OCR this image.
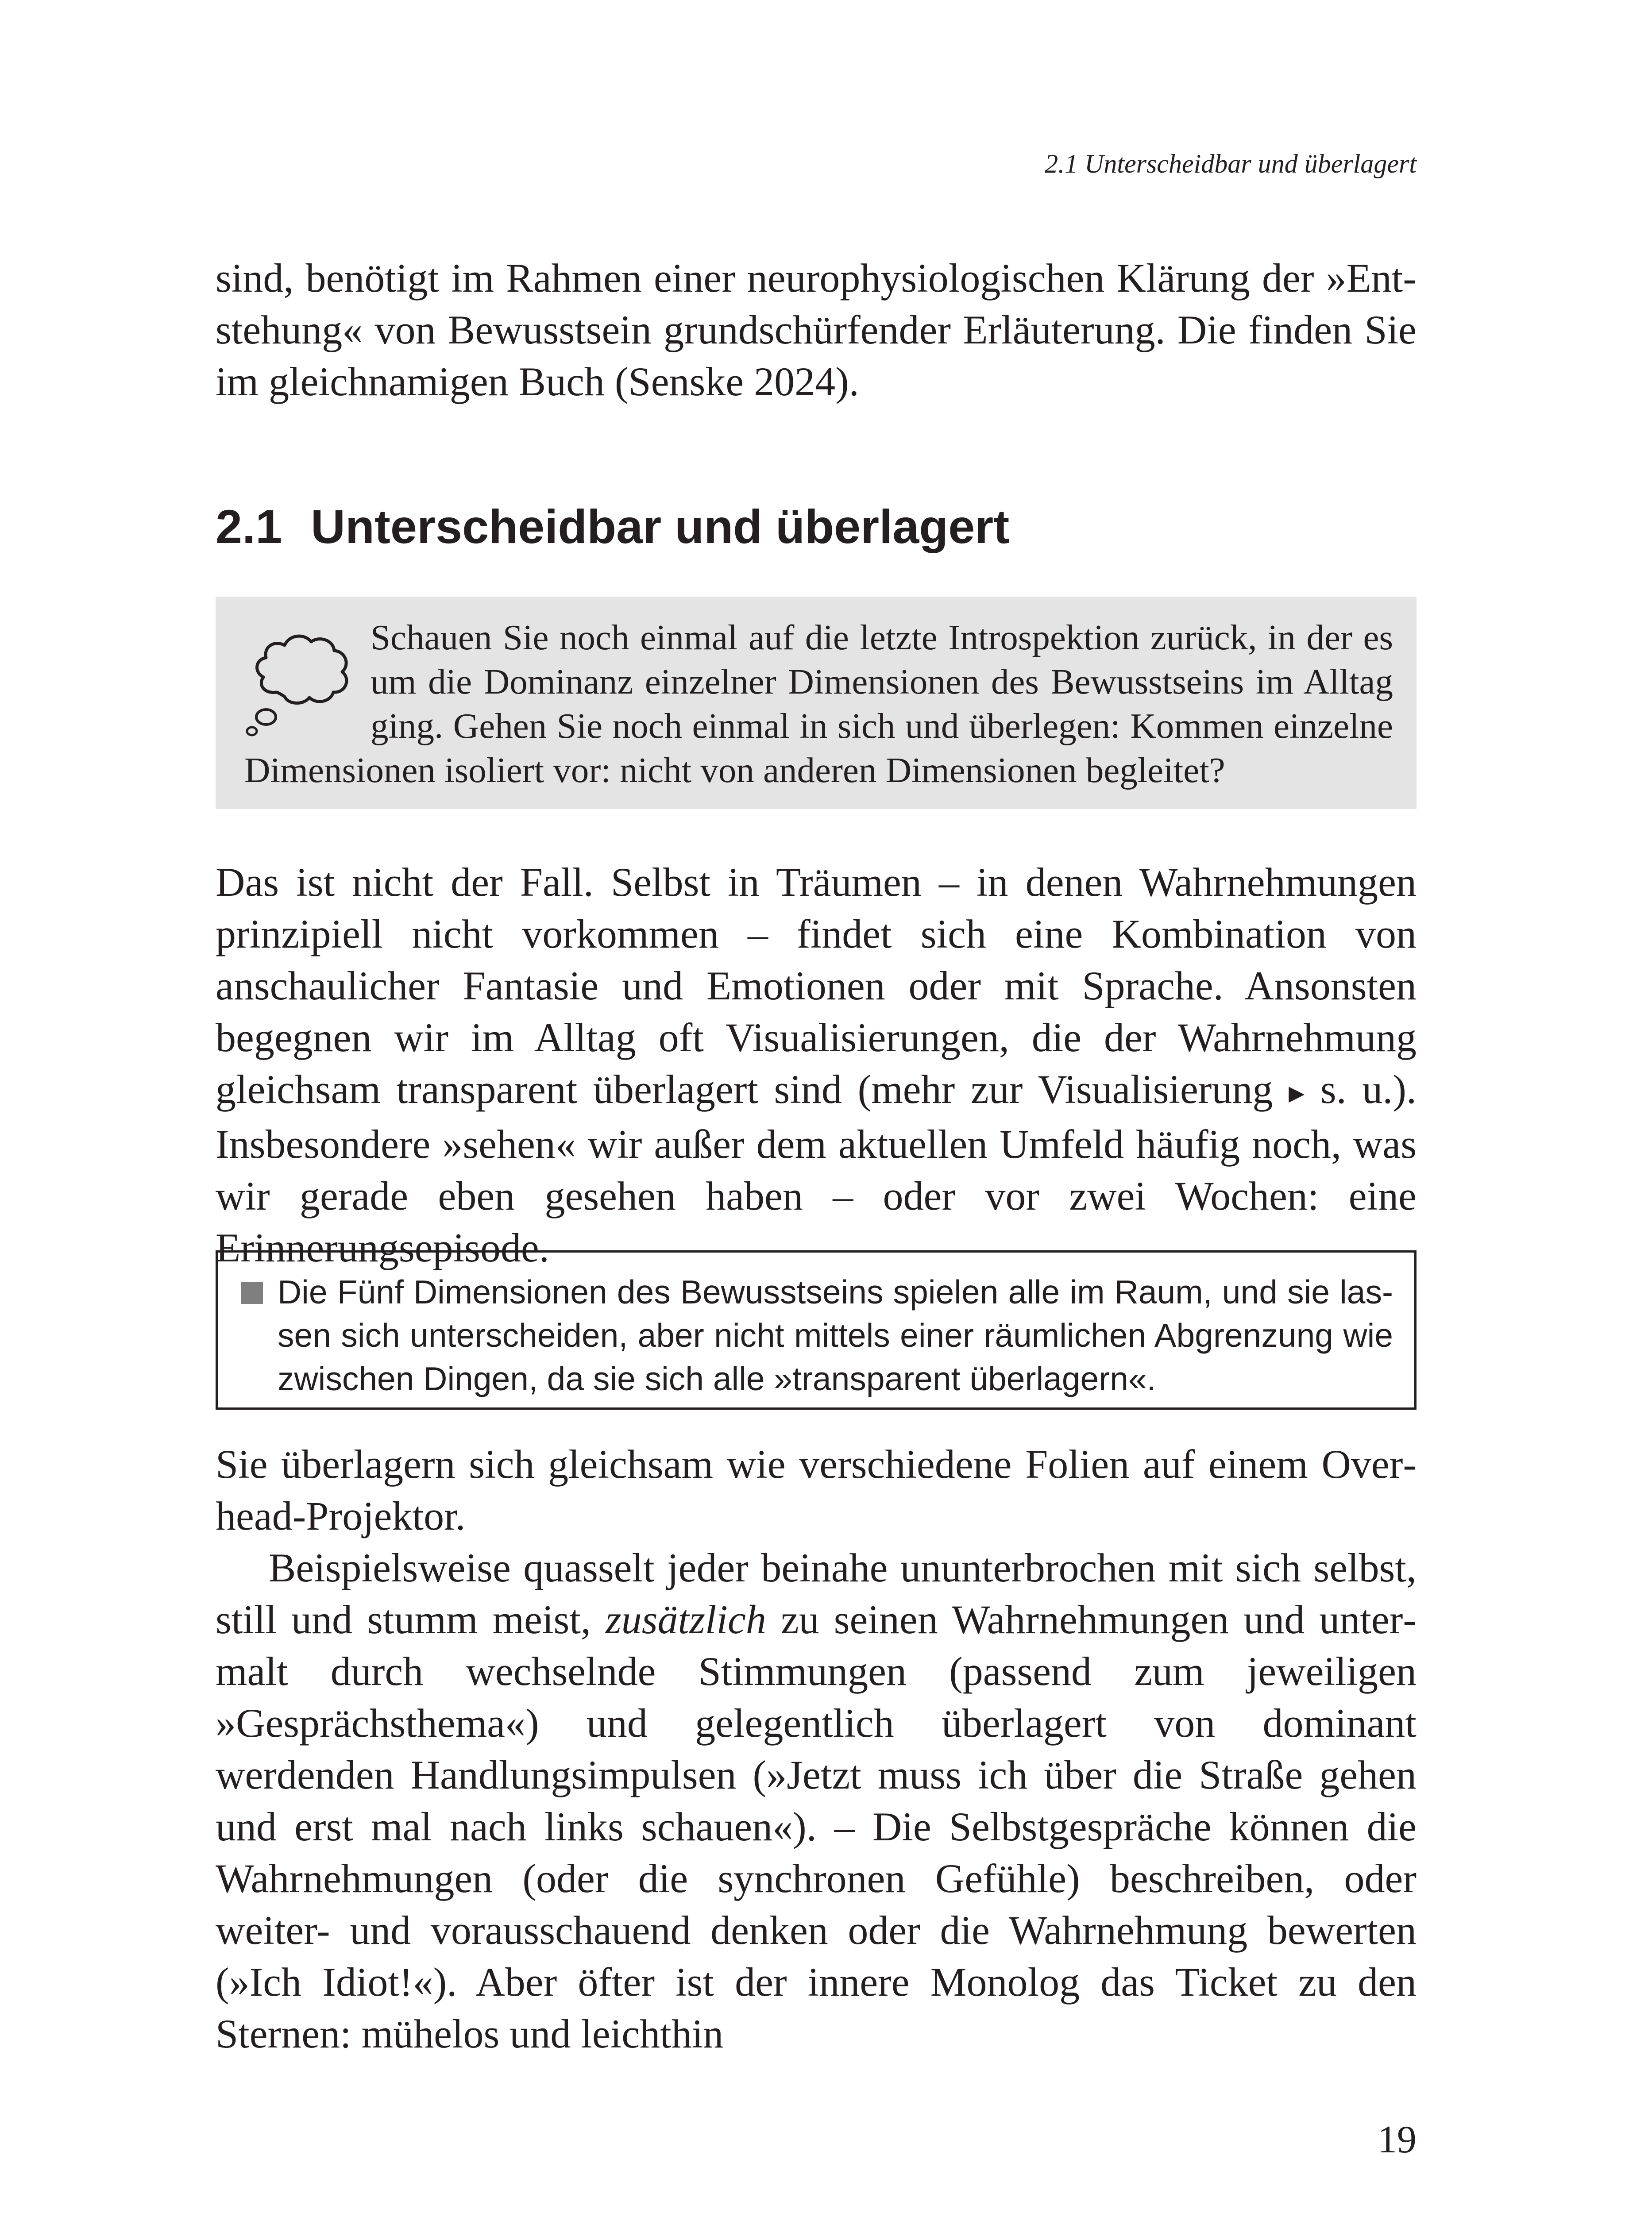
2.1 Unterscheidbar und überlagert

sind, benötigt im Rahmen einer neurophysiologischen Klärung der »Entstehung« von Bewusstsein grundschürfender Erläuterung. Die finden Sie im gleichnamigen Buch (Senske 2024).

2.1 Unterscheidbar und überlagert

Schauen Sie noch einmal auf die letzte Introspektion zurück, in der es um die Dominanz einzelner Dimensionen des Bewusstseins im Alltag ging. Gehen Sie noch einmal in sich und überlegen: Kommen einzelne Dimensionen isoliert vor: nicht von anderen Dimensionen begleitet?

Das ist nicht der Fall. Selbst in Träumen – in denen Wahrnehmungen prinzipiell nicht vorkommen – findet sich eine Kombination von anschaulicher Fantasie und Emotionen oder mit Sprache. Ansonsten begegnen wir im Alltag oft Visualisierungen, die der Wahrnehmung gleichsam transparent überlagert sind (mehr zur Visualisierung ▸ s. u.). Insbesondere »sehen« wir außer dem aktuellen Umfeld häufig noch, was wir gerade eben gesehen haben – oder vor zwei Wochen: eine Erinnerungsepisode.

Die Fünf Dimensionen des Bewusstseins spielen alle im Raum, und sie lassen sich unterscheiden, aber nicht mittels einer räumlichen Abgrenzung wie zwischen Dingen, da sie sich alle »transparent überlagern«.

Sie überlagern sich gleichsam wie verschiedene Folien auf einem Overhead-Projektor.

Beispielsweise quasselt jeder beinahe ununterbrochen mit sich selbst, still und stumm meist, zusätzlich zu seinen Wahrnehmungen und untermalt durch wechselnde Stimmungen (passend zum jeweiligen »Gesprächsthema«) und gelegentlich überlagert von dominant werdenden Handlungsimpulsen (»Jetzt muss ich über die Straße gehen und erst mal nach links schauen«). – Die Selbstgespräche können die Wahrnehmungen (oder die synchronen Gefühle) beschreiben, oder weiter- und vorausschauend denken oder die Wahrnehmung bewerten (»Ich Idiot!«). Aber öfter ist der innere Monolog das Ticket zu den Sternen: mühelos und leichthin

19
